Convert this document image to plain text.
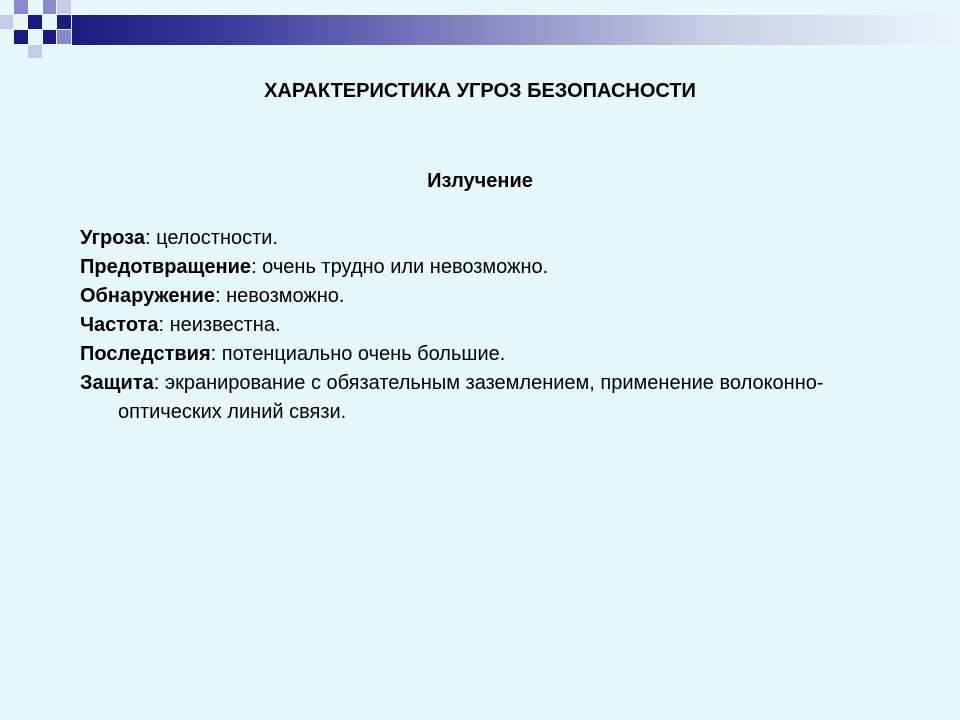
ХАРАКТЕРИСТИКА УГРОЗ БЕЗОПАСНОСТИ
Излучение
Угроза: целостности.
Предотвращение: очень трудно или невозможно.
Обнаружение: невозможно.
Частота: неизвестна.
Последствия: потенциально очень большие.
Защита: экранирование с обязательным заземлением, применение волоконно-оптических линий связи.
